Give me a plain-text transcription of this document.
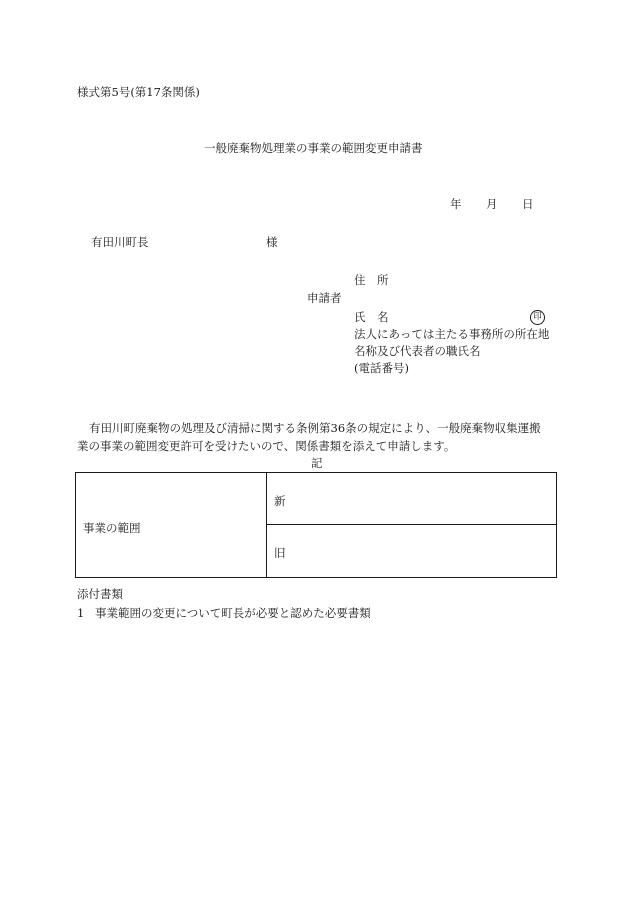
様式第5号(第17条関係)
一般廃棄物処理業の事業の範囲変更申請書
年 月 日
有田川町長	様
申請者
住　所
氏　名	印
法人にあっては主たる事務所の所在地
名称及び代表者の職氏名
(電話番号)
有田川町廃棄物の処理及び清掃に関する条例第36条の規定により、一般廃棄物収集運搬
業の事業の範囲変更許可を受けたいので、関係書類を添えて申請します。
記
事業の範囲
新
旧
添付書類
1 事業範囲の変更について町長が必要と認めた必要書類
